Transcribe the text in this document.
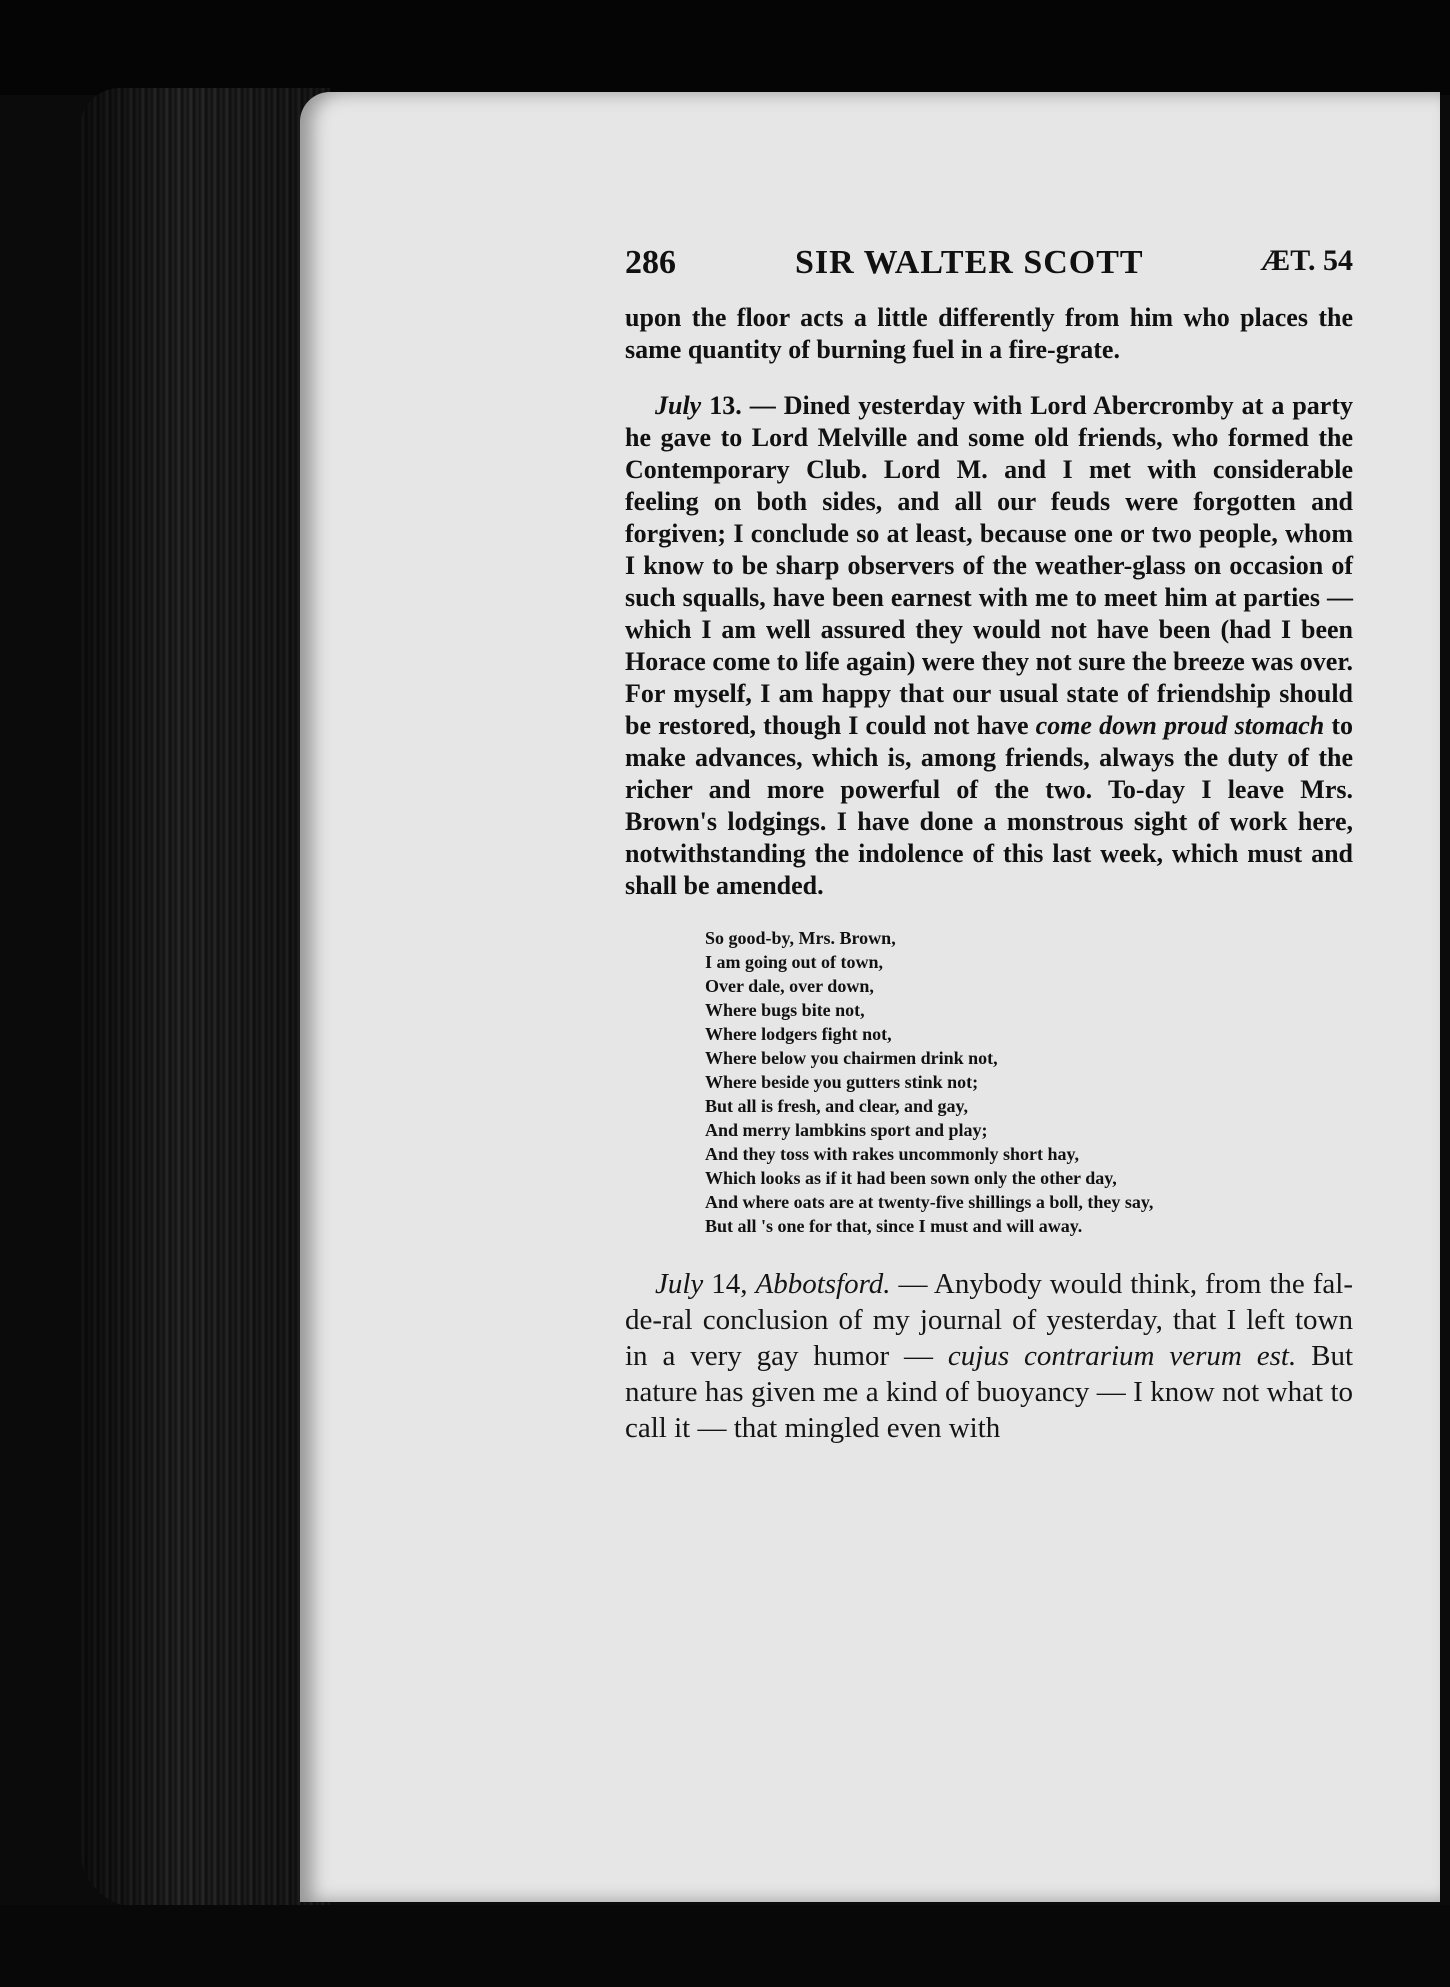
286	SIR WALTER SCOTT	ÆT. 54

upon the floor acts a little differently from him who places the same quantity of burning fuel in a fire-grate.

July 13. — Dined yesterday with Lord Abercromby at a party he gave to Lord Melville and some old friends, who formed the Contemporary Club. Lord M. and I met with considerable feeling on both sides, and all our feuds were forgotten and forgiven; I conclude so at least, because one or two people, whom I know to be sharp observers of the weather-glass on occasion of such squalls, have been earnest with me to meet him at parties — which I am well assured they would not have been (had I been Horace come to life again) were they not sure the breeze was over. For myself, I am happy that our usual state of friendship should be restored, though I could not have come down proud stomach to make advances, which is, among friends, always the duty of the richer and more powerful of the two. To-day I leave Mrs. Brown's lodgings. I have done a monstrous sight of work here, notwithstanding the indolence of this last week, which must and shall be amended.

So good-by, Mrs. Brown,
I am going out of town,
Over dale, over down,
Where bugs bite not,
Where lodgers fight not,
Where below you chairmen drink not,
Where beside you gutters stink not;
But all is fresh, and clear, and gay,
And merry lambkins sport and play;
And they toss with rakes uncommonly short hay,
Which looks as if it had been sown only the other day,
And where oats are at twenty-five shillings a boll, they say,
But all 's one for that, since I must and will away.

July 14, Abbotsford. — Anybody would think, from the fal-de-ral conclusion of my journal of yesterday, that I left town in a very gay humor — cujus contrarium verum est. But nature has given me a kind of buoyancy — I know not what to call it — that mingled even with
